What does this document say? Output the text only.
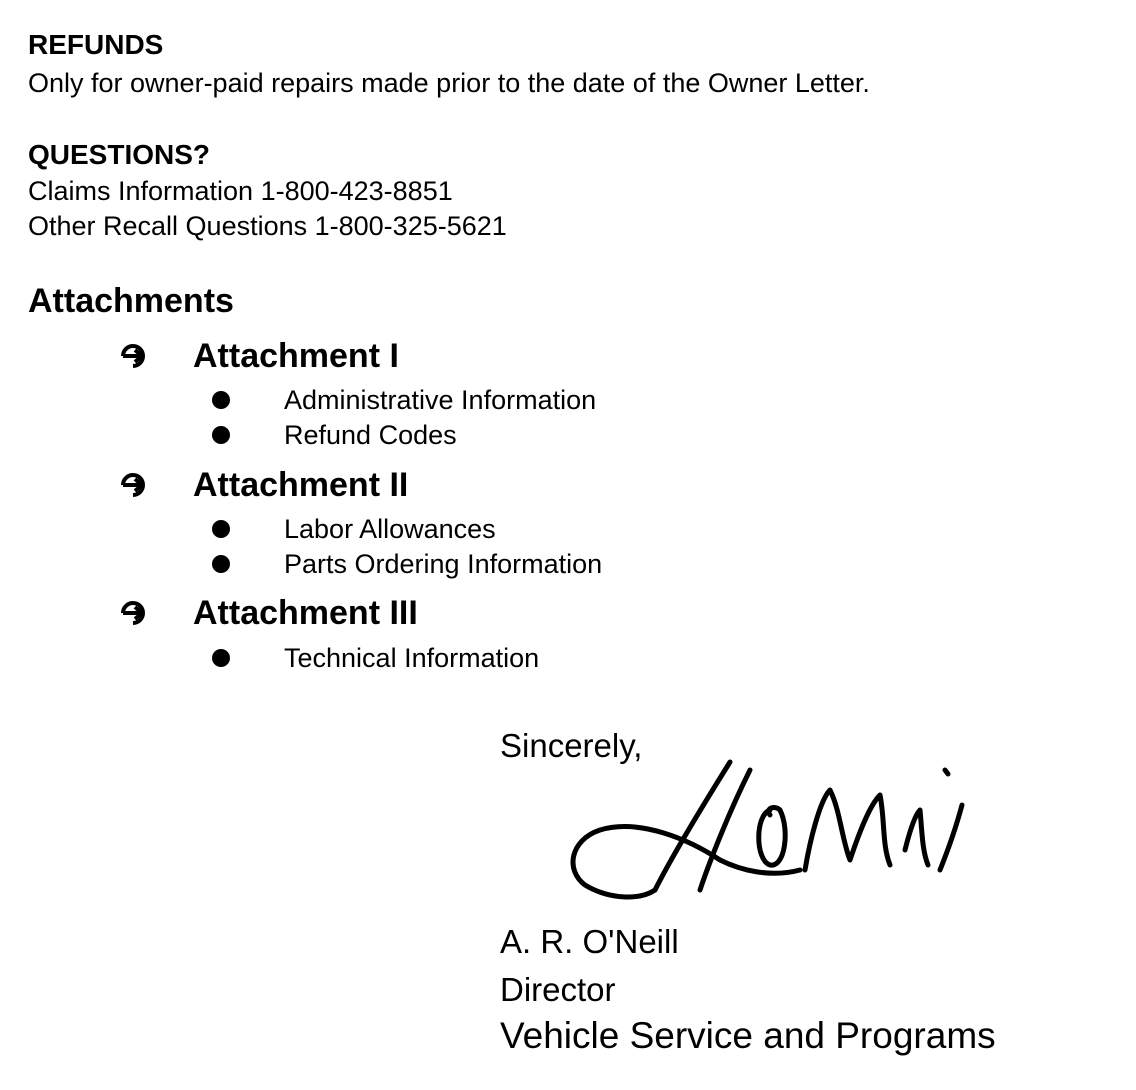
REFUNDS
Only for owner-paid repairs made prior to the date of the Owner Letter.
QUESTIONS?
Claims Information 1-800-423-8851
Other Recall Questions 1-800-325-5621
Attachments
Attachment I
Administrative Information
Refund Codes
Attachment II
Labor Allowances
Parts Ordering Information
Attachment III
Technical Information
Sincerely,
A. R. O'Neill
Director
Vehicle Service and Programs
